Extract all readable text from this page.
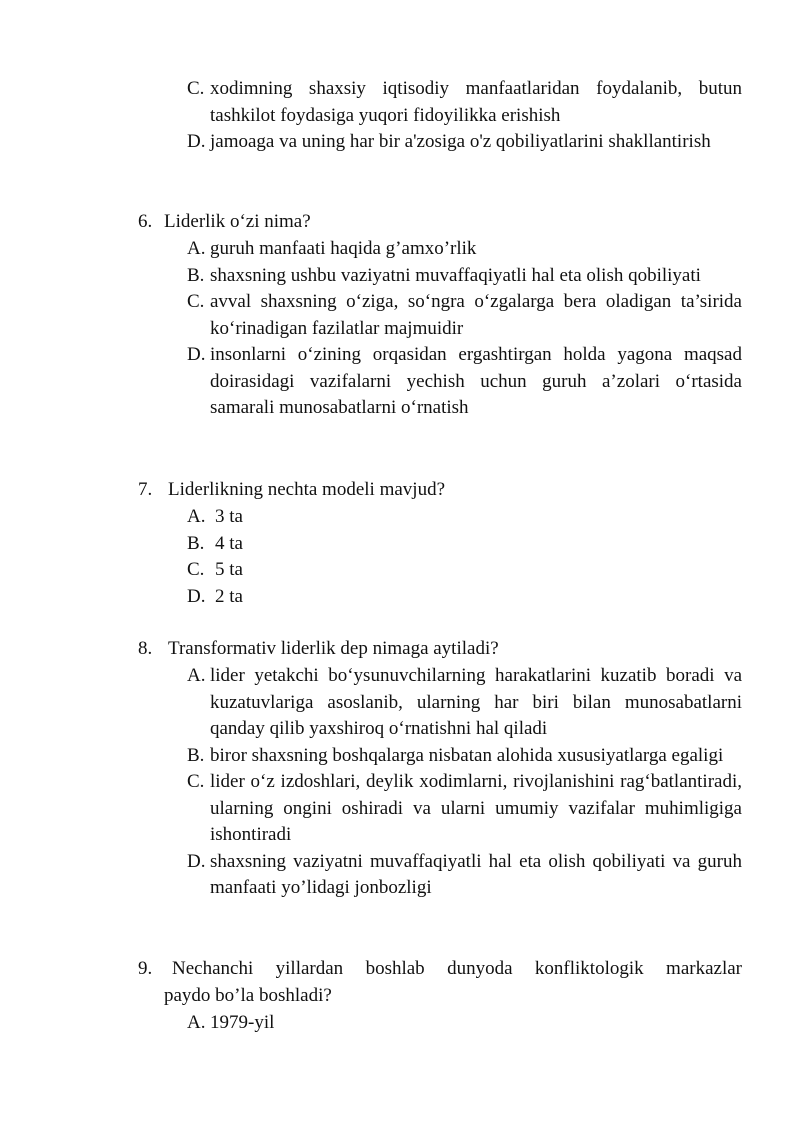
C. xodimning shaxsiy iqtisodiy manfaatlaridan foydalanib, butun tashkilot foydasiga yuqori fidoyilikka erishish
D. jamoaga va uning har bir a'zosiga o'z qobiliyatlarini shakllantirish
6. Liderlik o‘zi nima?
A. guruh manfaati haqida g’amxo’rlik
B. shaxsning ushbu vaziyatni muvaffaqiyatli hal eta olish qobiliyati
C. avval shaxsning o‘ziga, so‘ngra o‘zgalarga bera oladigan ta’sirida ko‘rinadigan fazilatlar majmuidir
D. insonlarni o‘zining orqasidan ergashtirgan holda yagona maqsad doirasidagi vazifalarni yechish uchun guruh a’zolari o‘rtasida samarali munosabatlarni o‘rnatish
7. Liderlikning nechta modeli mavjud?
A. 3 ta
B. 4 ta
C. 5 ta
D. 2 ta
8. Transformativ liderlik dep nimaga aytiladi?
A. lider yetakchi bo‘ysunuvchilarning harakatlarini kuzatib boradi va kuzatuvlariga asoslanib, ularning har biri bilan munosabatlarni qanday qilib yaxshiroq o‘rnatishni hal qiladi
B. biror shaxsning boshqalarga nisbatan alohida xususiyatlarga egaligi
C. lider o‘z izdoshlari, deylik xodimlarni, rivojlanishini rag‘batlantiradi, ularning ongini oshiradi va ularni umumiy vazifalar muhimligiga ishontiradi
D. shaxsning vaziyatni muvaffaqiyatli hal eta olish qobiliyati va guruh manfaati yo’lidagi jonbozligi
9.	Nechanchi yillardan boshlab dunyoda konfliktologik markazlar
paydo bo’la boshladi?
A. 1979-yil
